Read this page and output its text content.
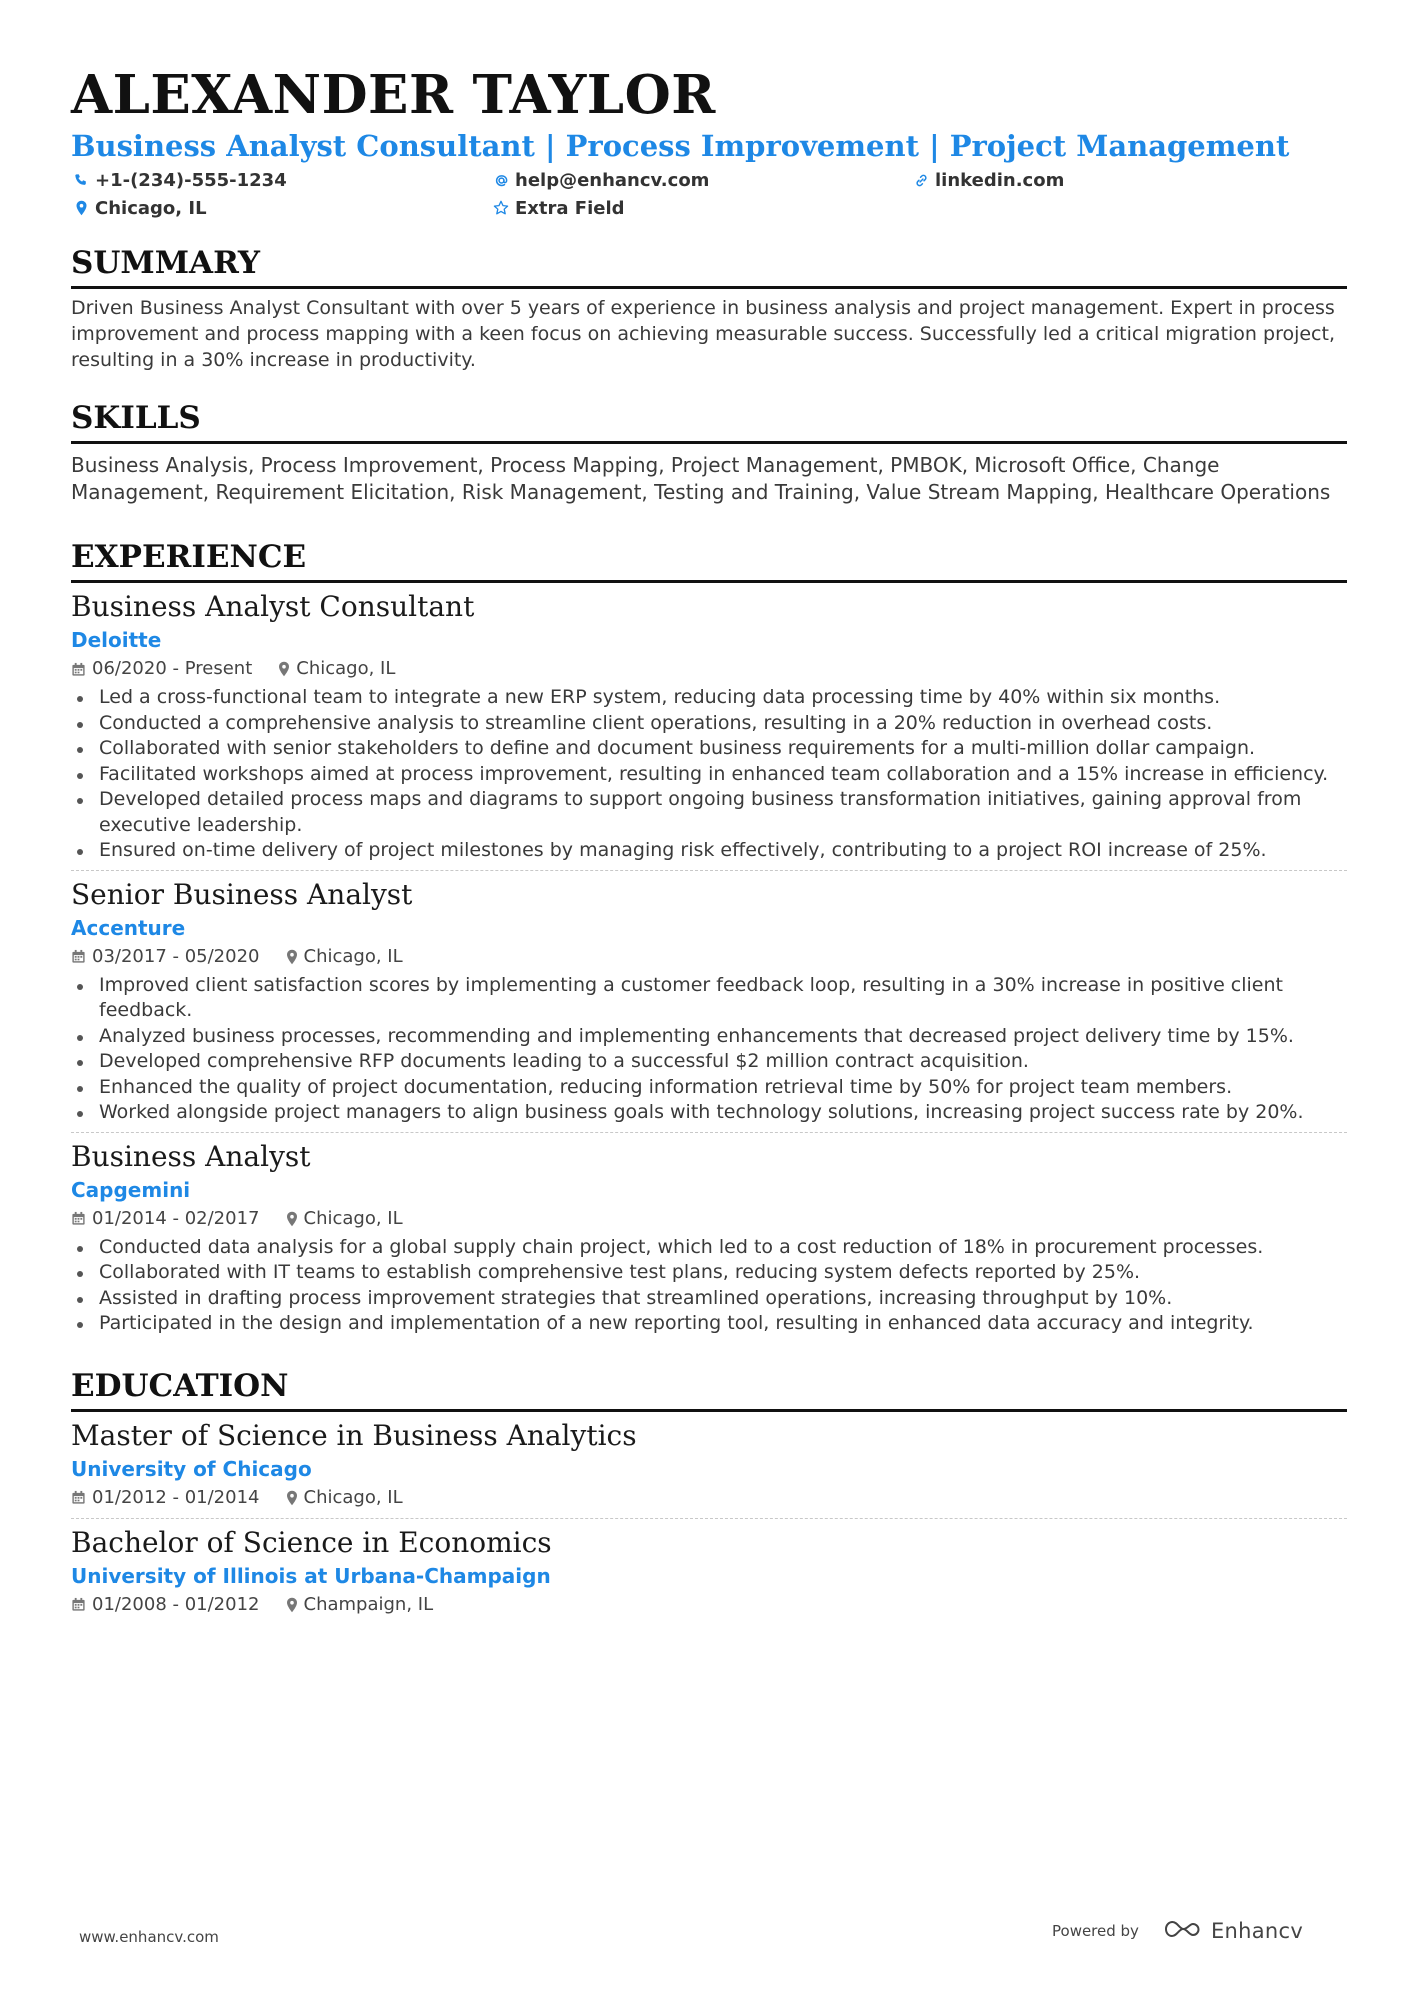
ALEXANDER TAYLOR
Business Analyst Consultant | Process Improvement | Project Management
+1-(234)-555-1234	help@enhancv.com	linkedin.com
Chicago, IL	Extra Field
SUMMARY
Driven Business Analyst Consultant with over 5 years of experience in business analysis and project management. Expert in process improvement and process mapping with a keen focus on achieving measurable success. Successfully led a critical migration project, resulting in a 30% increase in productivity.
SKILLS
Business Analysis, Process Improvement, Process Mapping, Project Management, PMBOK, Microsoft Office, Change Management, Requirement Elicitation, Risk Management, Testing and Training, Value Stream Mapping, Healthcare Operations
EXPERIENCE
Business Analyst Consultant
Deloitte
06/2020 - Present Chicago, IL
Led a cross-functional team to integrate a new ERP system, reducing data processing time by 40% within six months.
Conducted a comprehensive analysis to streamline client operations, resulting in a 20% reduction in overhead costs.
Collaborated with senior stakeholders to define and document business requirements for a multi-million dollar campaign.
Facilitated workshops aimed at process improvement, resulting in enhanced team collaboration and a 15% increase in efficiency.
Developed detailed process maps and diagrams to support ongoing business transformation initiatives, gaining approval from executive leadership.
Ensured on-time delivery of project milestones by managing risk effectively, contributing to a project ROI increase of 25%.
Senior Business Analyst
Accenture
03/2017 - 05/2020 Chicago, IL
Improved client satisfaction scores by implementing a customer feedback loop, resulting in a 30% increase in positive client feedback.
Analyzed business processes, recommending and implementing enhancements that decreased project delivery time by 15%.
Developed comprehensive RFP documents leading to a successful $2 million contract acquisition.
Enhanced the quality of project documentation, reducing information retrieval time by 50% for project team members.
Worked alongside project managers to align business goals with technology solutions, increasing project success rate by 20%.
Business Analyst
Capgemini
01/2014 - 02/2017 Chicago, IL
Conducted data analysis for a global supply chain project, which led to a cost reduction of 18% in procurement processes.
Collaborated with IT teams to establish comprehensive test plans, reducing system defects reported by 25%.
Assisted in drafting process improvement strategies that streamlined operations, increasing throughput by 10%.
Participated in the design and implementation of a new reporting tool, resulting in enhanced data accuracy and integrity.
EDUCATION
Master of Science in Business Analytics
University of Chicago
01/2012 - 01/2014 Chicago, IL
Bachelor of Science in Economics
University of Illinois at Urbana-Champaign
01/2008 - 01/2012 Champaign, IL
www.enhancv.com	Powered by	Enhancv
